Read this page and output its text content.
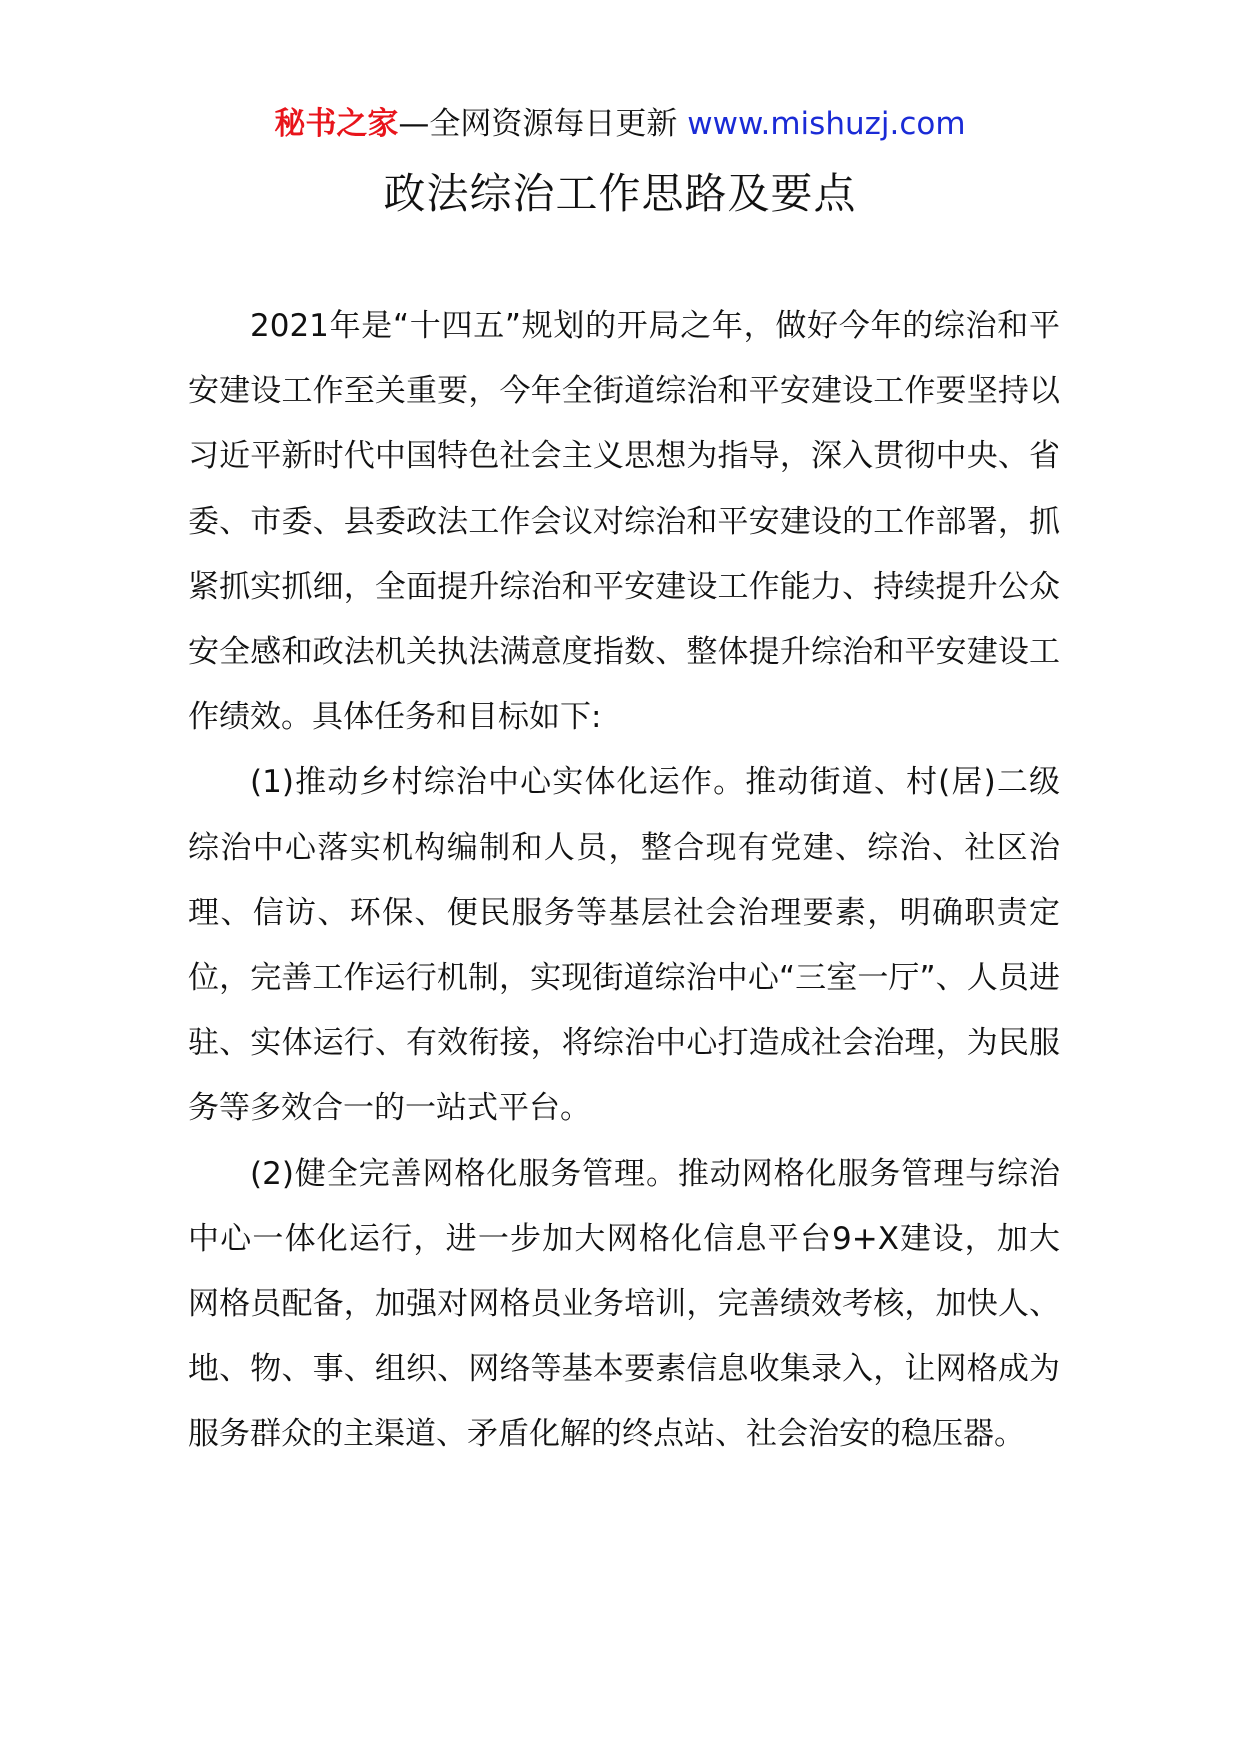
秘书之家—全网资源每日更新 www.mishuzj.com
政法综治工作思路及要点

2021年是“十四五”规划的开局之年，做好今年的综治和平安建设工作至关重要，今年全街道综治和平安建设工作要坚持以习近平新时代中国特色社会主义思想为指导，深入贯彻中央、省委、市委、县委政法工作会议对综治和平安建设的工作部署，抓紧抓实抓细，全面提升综治和平安建设工作能力、持续提升公众安全感和政法机关执法满意度指数、整体提升综治和平安建设工作绩效。具体任务和目标如下:

(1)推动乡村综治中心实体化运作。推动街道、村(居)二级综治中心落实机构编制和人员，整合现有党建、综治、社区治理、信访、环保、便民服务等基层社会治理要素，明确职责定位，完善工作运行机制，实现街道综治中心“三室一厅”、人员进驻、实体运行、有效衔接，将综治中心打造成社会治理，为民服务等多效合一的一站式平台。

(2)健全完善网格化服务管理。推动网格化服务管理与综治中心一体化运行，进一步加大网格化信息平台9+X建设，加大网格员配备，加强对网格员业务培训，完善绩效考核，加快人、地、物、事、组织、网络等基本要素信息收集录入，让网格成为服务群众的主渠道、矛盾化解的终点站、社会治安的稳压器。
